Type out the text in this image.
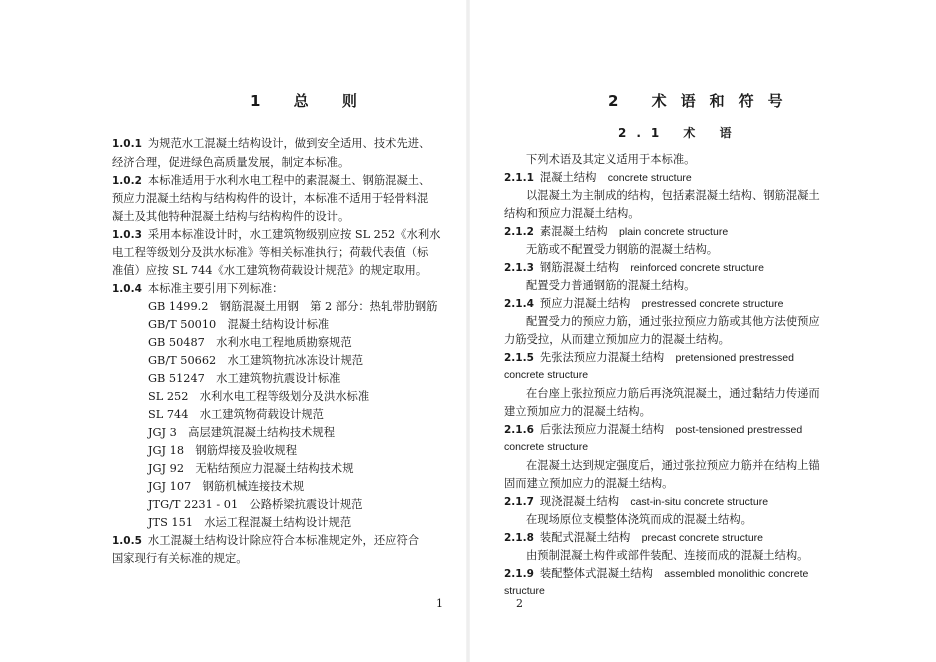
1 总 则
1.0.1 为规范水工混凝土结构设计，做到安全适用、技术先进、
经济合理，促进绿色高质量发展，制定本标准。
1.0.2 本标准适用于水利水电工程中的素混凝土、钢筋混凝土、
预应力混凝土结构与结构构件的设计，本标准不适用于轻骨料混
凝土及其他特种混凝土结构与结构构件的设计。
1.0.3 采用本标准设计时，水工建筑物级别应按 SL 252《水利水
电工程等级划分及洪水标准》等相关标准执行；荷载代表值（标
准值）应按 SL 744《水工建筑物荷载设计规范》的规定取用。
1.0.4 本标准主要引用下列标准：
GB 1499.2　钢筋混凝土用钢　第 2 部分：热轧带肋钢筋
GB/T 50010　混凝土结构设计标准
GB 50487　水利水电工程地质勘察规范
GB/T 50662　水工建筑物抗冰冻设计规范
GB 51247　水工建筑物抗震设计标准
SL 252　水利水电工程等级划分及洪水标准
SL 744　水工建筑物荷载设计规范
JGJ 3　高层建筑混凝土结构技术规程
JGJ 18　钢筋焊接及验收规程
JGJ 92　无粘结预应力混凝土结构技术规
JGJ 107　钢筋机械连接技术规
JTG/T 2231 - 01　公路桥梁抗震设计规范
JTS 151　水运工程混凝土结构设计规范
1.0.5 水工混凝土结构设计除应符合本标准规定外，还应符合
国家现行有关标准的规定。
1
2 术语和符号
2.1 术 语
下列术语及其定义适用于本标准。
2.1.1 混凝土结构　 concrete structure
以混凝土为主制成的结构，包括素混凝土结构、钢筋混凝土
结构和预应力混凝土结构。
2.1.2 素混凝土结构　 plain concrete structure
无筋或不配置受力钢筋的混凝土结构。
2.1.3 钢筋混凝土结构　 reinforced concrete structure
配置受力普通钢筋的混凝土结构。
2.1.4 预应力混凝土结构　 prestressed concrete structure
配置受力的预应力筋，通过张拉预应力筋或其他方法使预应
力筋受拉，从而建立预加应力的混凝土结构。
2.1.5 先张法预应力混凝土结构　 pretensioned prestressed
concrete structure
在台座上张拉预应力筋后再浇筑混凝土，通过黏结力传递而
建立预加应力的混凝土结构。
2.1.6 后张法预应力混凝土结构　 post-tensioned prestressed
concrete structure
在混凝土达到规定强度后，通过张拉预应力筋并在结构上锚
固而建立预加应力的混凝土结构。
2.1.7 现浇混凝土结构　 cast-in-situ concrete structure
在现场原位支模整体浇筑而成的混凝土结构。
2.1.8 装配式混凝土结构　 precast concrete structure
由预制混凝土构件或部件装配、连接而成的混凝土结构。
2.1.9 装配整体式混凝土结构　 assembled monolithic concrete
structure
2
